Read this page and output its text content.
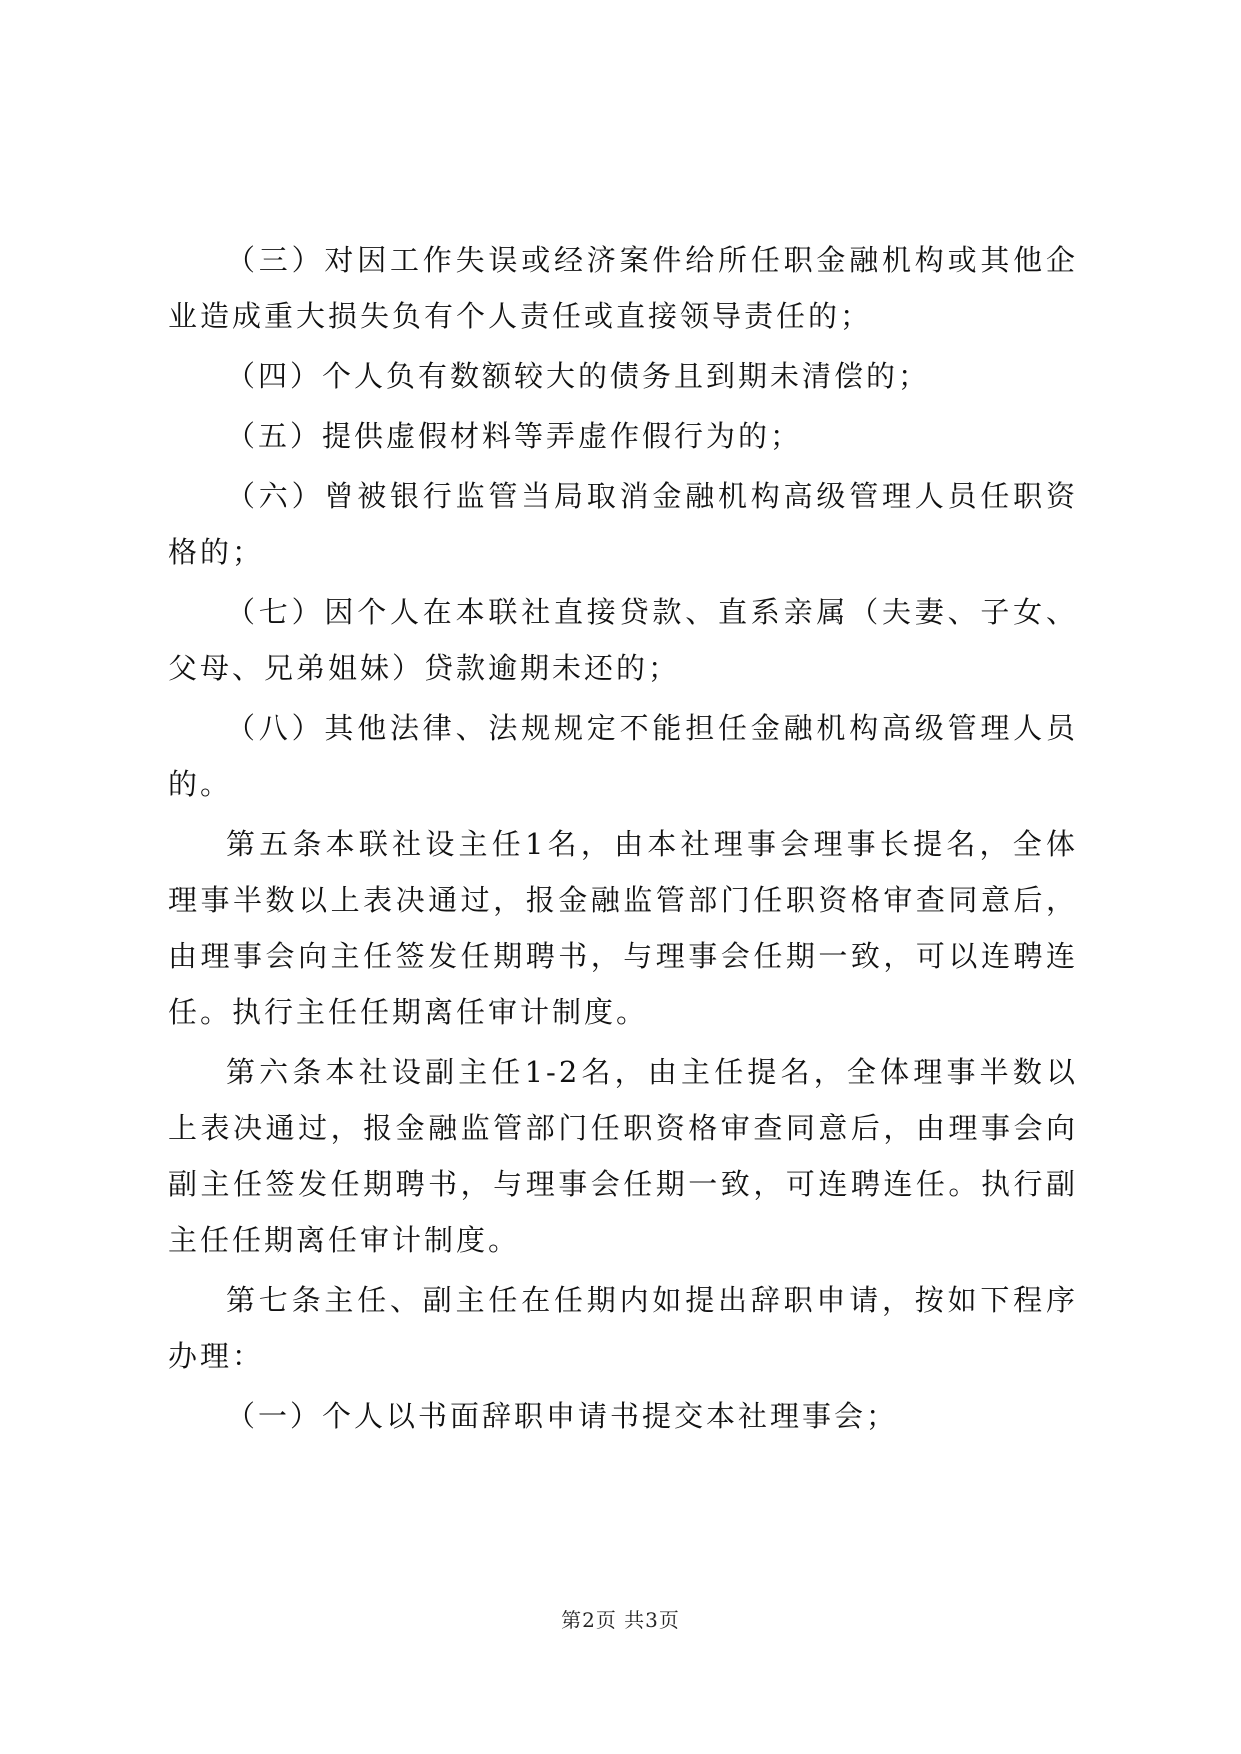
（三）对因工作失误或经济案件给所任职金融机构或其他企业造成重大损失负有个人责任或直接领导责任的；

（四）个人负有数额较大的债务且到期未清偿的；

（五）提供虚假材料等弄虚作假行为的；

（六）曾被银行监管当局取消金融机构高级管理人员任职资格的；

（七）因个人在本联社直接贷款、直系亲属（夫妻、子女、父母、兄弟姐妹）贷款逾期未还的；

（八）其他法律、法规规定不能担任金融机构高级管理人员的。

第五条本联社设主任1名，由本社理事会理事长提名，全体理事半数以上表决通过，报金融监管部门任职资格审查同意后，由理事会向主任签发任期聘书，与理事会任期一致，可以连聘连任。执行主任任期离任审计制度。

第六条本社设副主任1-2名，由主任提名，全体理事半数以上表决通过，报金融监管部门任职资格审查同意后，由理事会向副主任签发任期聘书，与理事会任期一致，可连聘连任。执行副主任任期离任审计制度。

第七条主任、副主任在任期内如提出辞职申请，按如下程序办理：

（一）个人以书面辞职申请书提交本社理事会；

第2页 共3页
